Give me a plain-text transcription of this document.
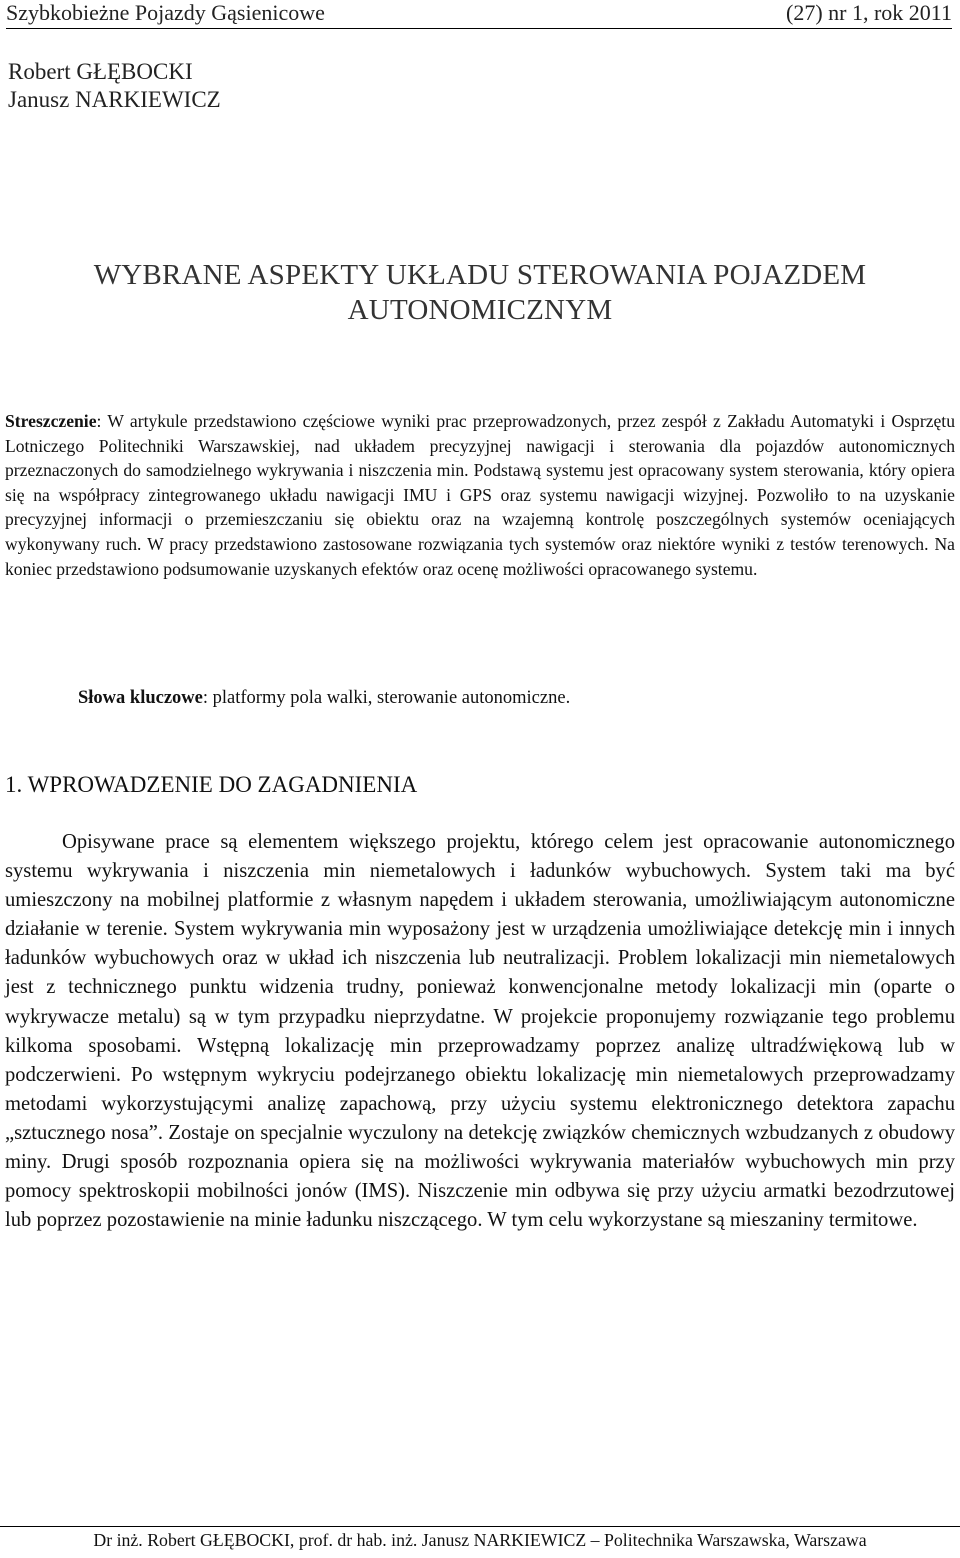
Szybkobieżne Pojazdy Gąsienicowe	(27) nr 1, rok 2011
Robert GŁĘBOCKI
Janusz NARKIEWICZ
WYBRANE ASPEKTY UKŁADU STEROWANIA POJAZDEM
AUTONOMICZNYM
Streszczenie: W artykule przedstawiono częściowe wyniki prac przeprowadzonych, przez zespół z Zakładu Automatyki i Osprzętu Lotniczego Politechniki Warszawskiej, nad układem precyzyjnej nawigacji i sterowania dla pojazdów autonomicznych przeznaczonych do samodzielnego wykrywania i niszczenia min. Podstawą systemu jest opracowany system sterowania, który opiera się na współpracy zintegrowanego układu nawigacji IMU i GPS oraz systemu nawigacji wizyjnej. Pozwoliło to na uzyskanie precyzyjnej informacji o przemieszczaniu się obiektu oraz na wzajemną kontrolę poszczególnych systemów oceniających wykonywany ruch. W pracy przedstawiono zastosowane rozwiązania tych systemów oraz niektóre wyniki z testów terenowych. Na koniec przedstawiono podsumowanie uzyskanych efektów oraz ocenę możliwości opracowanego systemu.
Słowa kluczowe: platformy pola walki, sterowanie autonomiczne.
1. WPROWADZENIE DO ZAGADNIENIA
Opisywane prace są elementem większego projektu, którego celem jest opracowanie autonomicznego systemu wykrywania i niszczenia min niemetalowych i ładunków wybuchowych. System taki ma być umieszczony na mobilnej platformie z własnym napędem i układem sterowania, umożliwiającym autonomiczne działanie w terenie. System wykrywania min wyposażony jest w urządzenia umożliwiające detekcję min i innych ładunków wybuchowych oraz w układ ich niszczenia lub neutralizacji. Problem lokalizacji min niemetalowych jest z technicznego punktu widzenia trudny, ponieważ konwencjonalne metody lokalizacji min (oparte o wykrywacze metalu) są w tym przypadku nieprzydatne. W projekcie proponujemy rozwiązanie tego problemu kilkoma sposobami. Wstępną lokalizację min przeprowadzamy poprzez analizę ultradźwiękową lub w podczerwieni. Po wstępnym wykryciu podejrzanego obiektu lokalizację min niemetalowych przeprowadzamy metodami wykorzystującymi analizę zapachową, przy użyciu systemu elektronicznego detektora zapachu „sztucznego nosa”. Zostaje on specjalnie wyczulony na detekcję związków chemicznych wzbudzanych z obudowy miny. Drugi sposób rozpoznania opiera się na możliwości wykrywania materiałów wybuchowych min przy pomocy spektroskopii mobilności jonów (IMS). Niszczenie min odbywa się przy użyciu armatki bezodrzutowej lub poprzez pozostawienie na minie ładunku niszczącego. W tym celu wykorzystane są mieszaniny termitowe.
Dr inż. Robert GŁĘBOCKI, prof. dr hab. inż. Janusz NARKIEWICZ – Politechnika Warszawska, Warszawa
